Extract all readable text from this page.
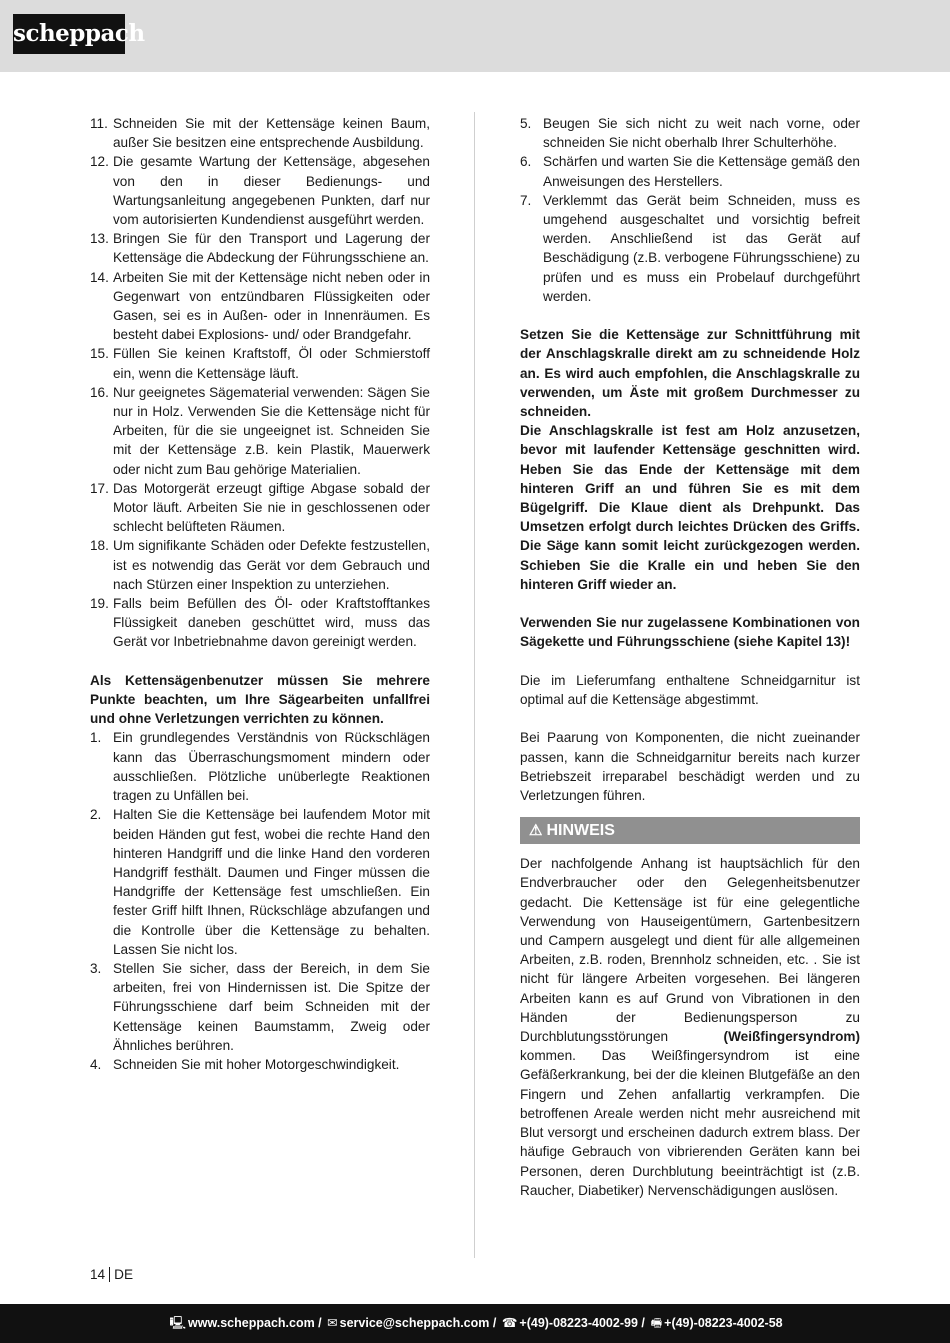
scheppach
11. Schneiden Sie mit der Kettensäge keinen Baum, außer Sie besitzen eine entsprechende Ausbildung.
12. Die gesamte Wartung der Kettensäge, abgesehen von den in dieser Bedienungs- und Wartungsanleitung angegebenen Punkten, darf nur vom autorisierten Kundendienst ausgeführt werden.
13. Bringen Sie für den Transport und Lagerung der Kettensäge die Abdeckung der Führungsschiene an.
14. Arbeiten Sie mit der Kettensäge nicht neben oder in Gegenwart von entzündbaren Flüssigkeiten oder Gasen, sei es in Außen- oder in Innenräumen. Es besteht dabei Explosions- und/ oder Brandgefahr.
15. Füllen Sie keinen Kraftstoff, Öl oder Schmierstoff ein, wenn die Kettensäge läuft.
16. Nur geeignetes Sägematerial verwenden: Sägen Sie nur in Holz. Verwenden Sie die Kettensäge nicht für Arbeiten, für die sie ungeeignet ist. Schneiden Sie mit der Kettensäge z.B. kein Plastik, Mauerwerk oder nicht zum Bau gehörige Materialien.
17. Das Motorgerät erzeugt giftige Abgase sobald der Motor läuft. Arbeiten Sie nie in geschlossenen oder schlecht belüfteten Räumen.
18. Um signifikante Schäden oder Defekte festzustellen, ist es notwendig das Gerät vor dem Gebrauch und nach Stürzen einer Inspektion zu unterziehen.
19. Falls beim Befüllen des Öl- oder Kraftstofftankes Flüssigkeit daneben geschüttet wird, muss das Gerät vor Inbetriebnahme davon gereinigt werden.

Als Kettensägenbenutzer müssen Sie mehrere Punkte beachten, um Ihre Sägearbeiten unfallfrei und ohne Verletzungen verrichten zu können.

1. Ein grundlegendes Verständnis von Rückschlägen kann das Überraschungsmoment mindern oder ausschließen. Plötzliche unüberlegte Reaktionen tragen zu Unfällen bei.
2. Halten Sie die Kettensäge bei laufendem Motor mit beiden Händen gut fest, wobei die rechte Hand den hinteren Handgriff und die linke Hand den vorderen Handgriff festhält. Daumen und Finger müssen die Handgriffe der Kettensäge fest umschließen. Ein fester Griff hilft Ihnen, Rückschläge abzufangen und die Kontrolle über die Kettensäge zu behalten. Lassen Sie nicht los.
3. Stellen Sie sicher, dass der Bereich, in dem Sie arbeiten, frei von Hindernissen ist. Die Spitze der Führungsschiene darf beim Schneiden mit der Kettensäge keinen Baumstamm, Zweig oder Ähnliches berühren.
4. Schneiden Sie mit hoher Motorgeschwindigkeit.
5. Beugen Sie sich nicht zu weit nach vorne, oder schneiden Sie nicht oberhalb Ihrer Schulterhöhe.
6. Schärfen und warten Sie die Kettensäge gemäß den Anweisungen des Herstellers.
7. Verklemmt das Gerät beim Schneiden, muss es umgehend ausgeschaltet und vorsichtig befreit werden. Anschließend ist das Gerät auf Beschädigung (z.B. verbogene Führungsschiene) zu prüfen und es muss ein Probelauf durchgeführt werden.

Setzen Sie die Kettensäge zur Schnittführung mit der Anschlagskralle direkt am zu schneidende Holz an. Es wird auch empfohlen, die Anschlagskralle zu verwenden, um Äste mit großem Durchmesser zu schneiden.

Die Anschlagskralle ist fest am Holz anzusetzen, bevor mit laufender Kettensäge geschnitten wird. Heben Sie das Ende der Kettensäge mit dem hinteren Griff an und führen Sie es mit dem Bügelgriff. Die Klaue dient als Drehpunkt. Das Umsetzen erfolgt durch leichtes Drücken des Griffs. Die Säge kann somit leicht zurückgezogen werden. Schieben Sie die Kralle ein und heben Sie den hinteren Griff wieder an.

Verwenden Sie nur zugelassene Kombinationen von Sägekette und Führungsschiene (siehe Kapitel 13)!

Die im Lieferumfang enthaltene Schneidgarnitur ist optimal auf die Kettensäge abgestimmt.

Bei Paarung von Komponenten, die nicht zueinander passen, kann die Schneidgarnitur bereits nach kurzer Betriebszeit irreparabel beschädigt werden und zu Verletzungen führen.

⚠ HINWEIS

Der nachfolgende Anhang ist hauptsächlich für den Endverbraucher oder den Gelegenheitsbenutzer gedacht. Die Kettensäge ist für eine gelegentliche Verwendung von Hauseigentümern, Gartenbesitzern und Campern ausgelegt und dient für alle allgemeinen Arbeiten, z.B. roden, Brennholz schneiden, etc. . Sie ist nicht für längere Arbeiten vorgesehen. Bei längeren Arbeiten kann es auf Grund von Vibrationen in den Händen der Bedienungsperson zu Durchblutungsstörungen (Weißfingersyndrom) kommen. Das Weißfingersyndrom ist eine Gefäßerkrankung, bei der die kleinen Blutgefäße an den Fingern und Zehen anfallartig verkrampfen. Die betroffenen Areale werden nicht mehr ausreichend mit Blut versorgt und erscheinen dadurch extrem blass. Der häufige Gebrauch von vibrierenden Geräten kann bei Personen, deren Durchblutung beeinträchtigt ist (z.B. Raucher, Diabetiker) Nervenschädigungen auslösen.

14 DE
🖳 www.scheppach.com / ✉ service@scheppach.com / ☎ +(49)-08223-4002-99 / 🖷 +(49)-08223-4002-58
